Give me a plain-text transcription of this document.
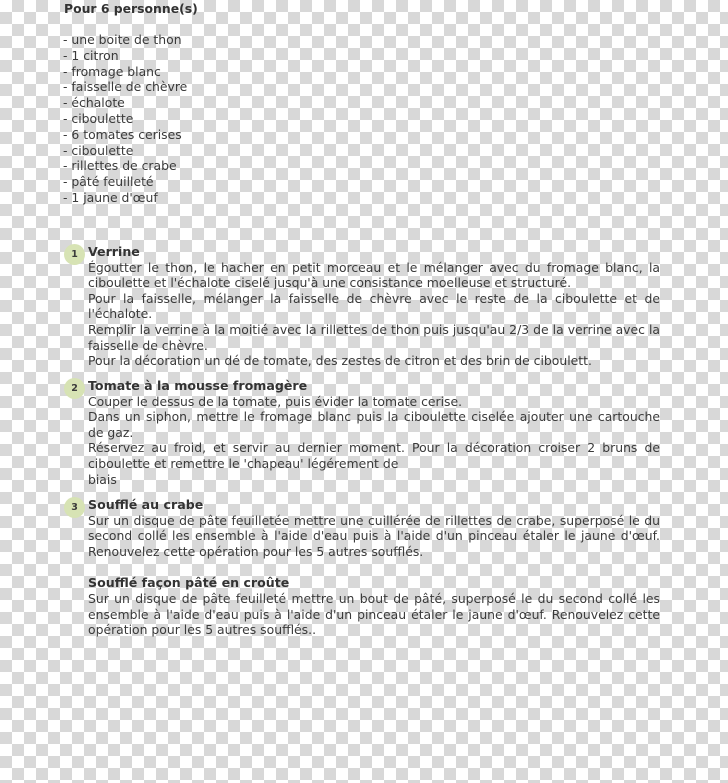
Pour 6 personne(s)
- une boite de thon
- 1 citron
- fromage blanc
- faisselle de chèvre
- échalote
- ciboulette
- 6 tomates cerises
- ciboulette
- rillettes de crabe
- pâté feuilleté
- 1 jaune d'œuf
1 Verrine

Égoutter le thon, le hacher en petit morceau et le mélanger avec du fromage blanc, la ciboulette et l'échalote ciselé jusqu'à une consistance moelleuse et structuré.

Pour la faisselle, mélanger la faisselle de chèvre avec le reste de la ciboulette et de l'échalote.

Remplir la verrine à la moitié avec la rillettes de thon puis jusqu'au 2/3 de la verrine avec la faisselle de chèvre.

Pour la décoration un dé de tomate, des zestes de citron et des brin de ciboulett.

2 Tomate à la mousse fromagère

Couper le dessus de la tomate, puis évider la tomate cerise.

Dans un siphon, mettre le fromage blanc puis la ciboulette ciselée ajouter une cartouche de gaz.

Réservez au froid, et servir au dernier moment. Pour la décoration croiser 2 bruns de ciboulette et remettre le 'chapeau' légérement de

biais

3 Soufflé au crabe

Sur un disque de pâte feuilletée mettre une cuillérée de rillettes de crabe, superposé le du second collé les ensemble à l'aide d'eau puis à l'aide d'un pinceau étaler le jaune d'œuf. Renouvelez cette opération pour les 5 autres soufflés.

Soufflé façon pâté en croûte

Sur un disque de pâte feuilleté mettre un bout de pâté, superposé le du second collé les ensemble à l'aide d'eau puis à l'aide d'un pinceau étaler le jaune d'œuf. Renouvelez cette opération pour les 5 autres soufflés..
